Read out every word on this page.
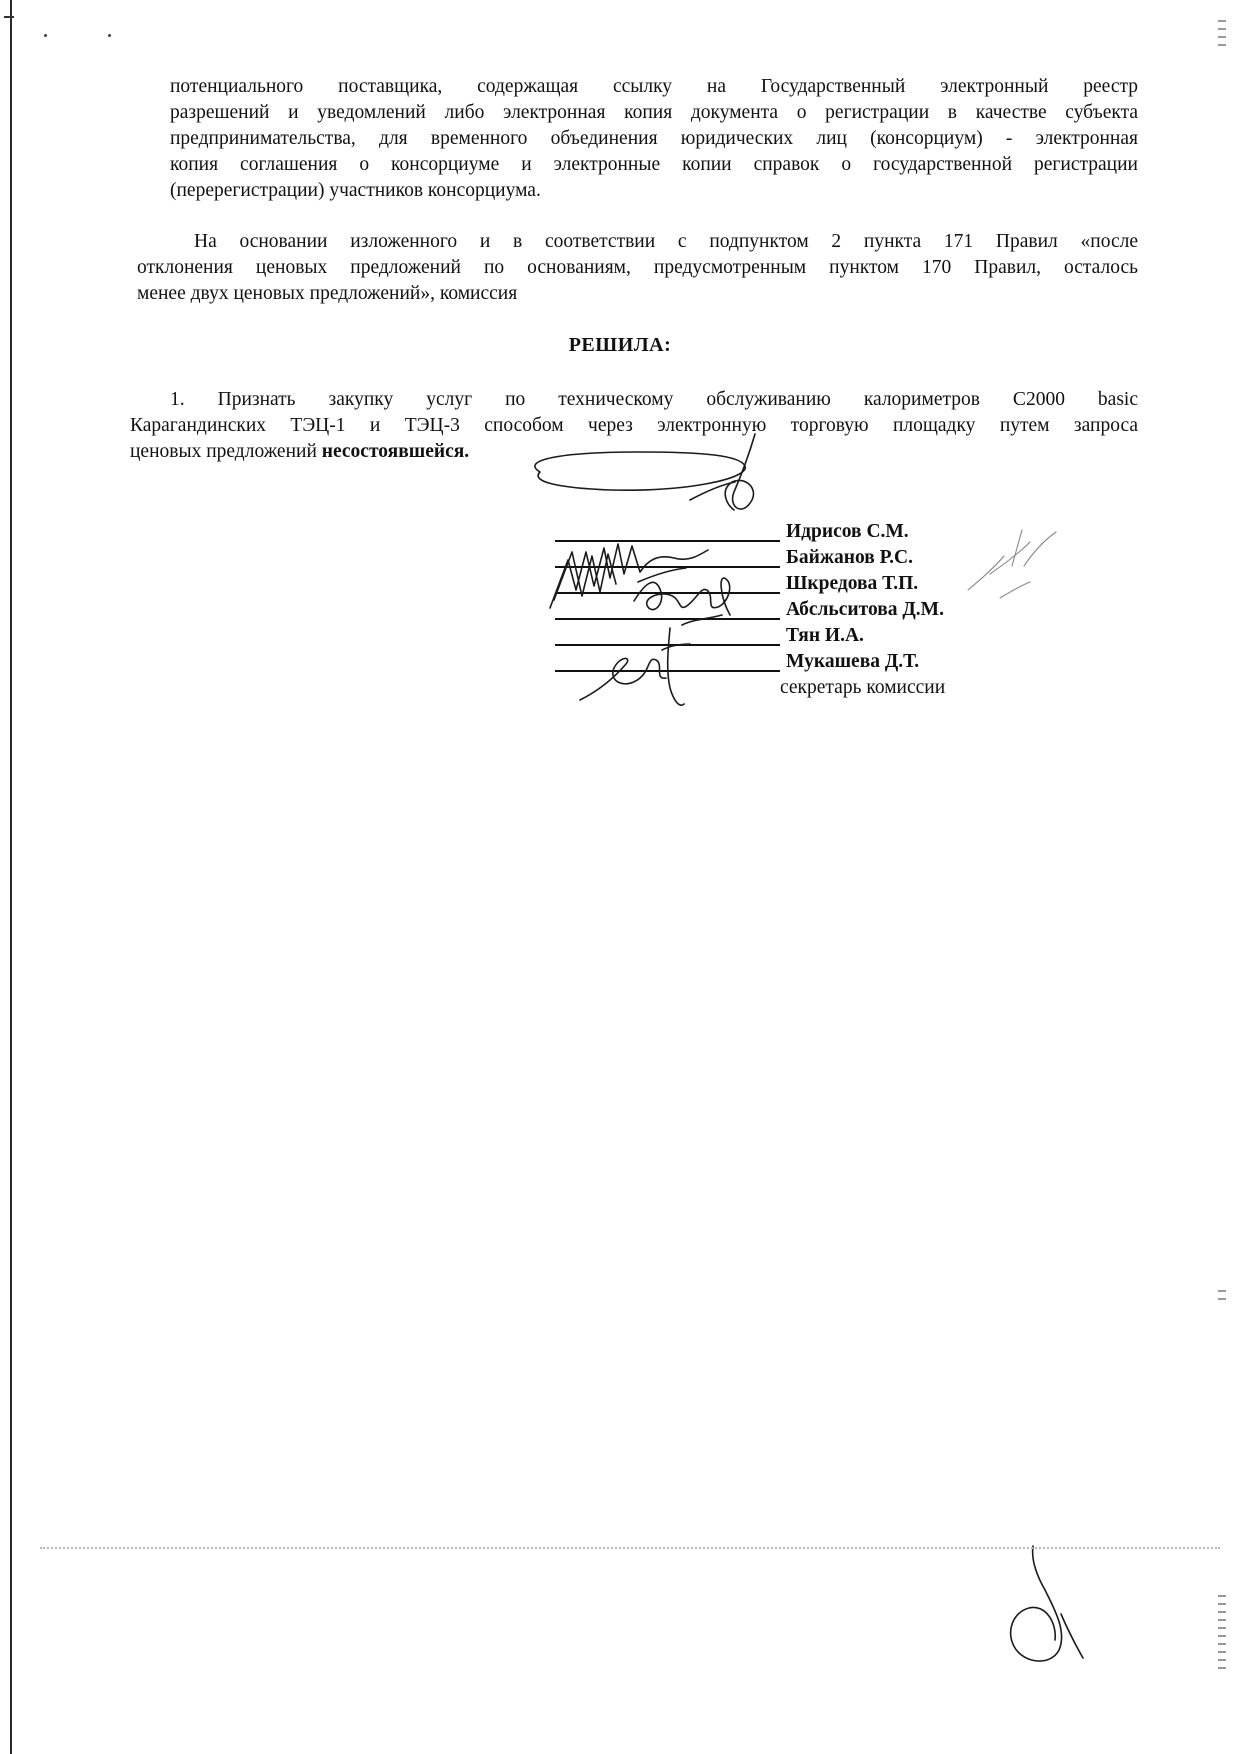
потенциального поставщика, содержащая ссылку на Государственный электронный реестр
разрешений и уведомлений либо электронная копия документа о регистрации в качестве субъекта
предпринимательства, для временного объединения юридических лиц (консорциум) - электронная
копия соглашения о консорциуме и электронные копии справок о государственной регистрации
(перерегистрации) участников консорциума.
На основании изложенного и в соответствии с подпунктом 2 пункта 171 Правил «после
отклонения ценовых предложений по основаниям, предусмотренным пунктом 170 Правил, осталось
менее двух ценовых предложений», комиссия
РЕШИЛА:
1. Признать закупку услуг по техническому обслуживанию калориметров С2000 basic
Карагандинских ТЭЦ-1 и ТЭЦ-3 способом через электронную торговую площадку путем запроса
ценовых предложений несостоявшейся.
Идрисов С.М.
Байжанов Р.С.
Шкредова Т.П.
Абсльситова Д.М.
Тян И.А.
Мукашева Д.Т.
секретарь комиссии
